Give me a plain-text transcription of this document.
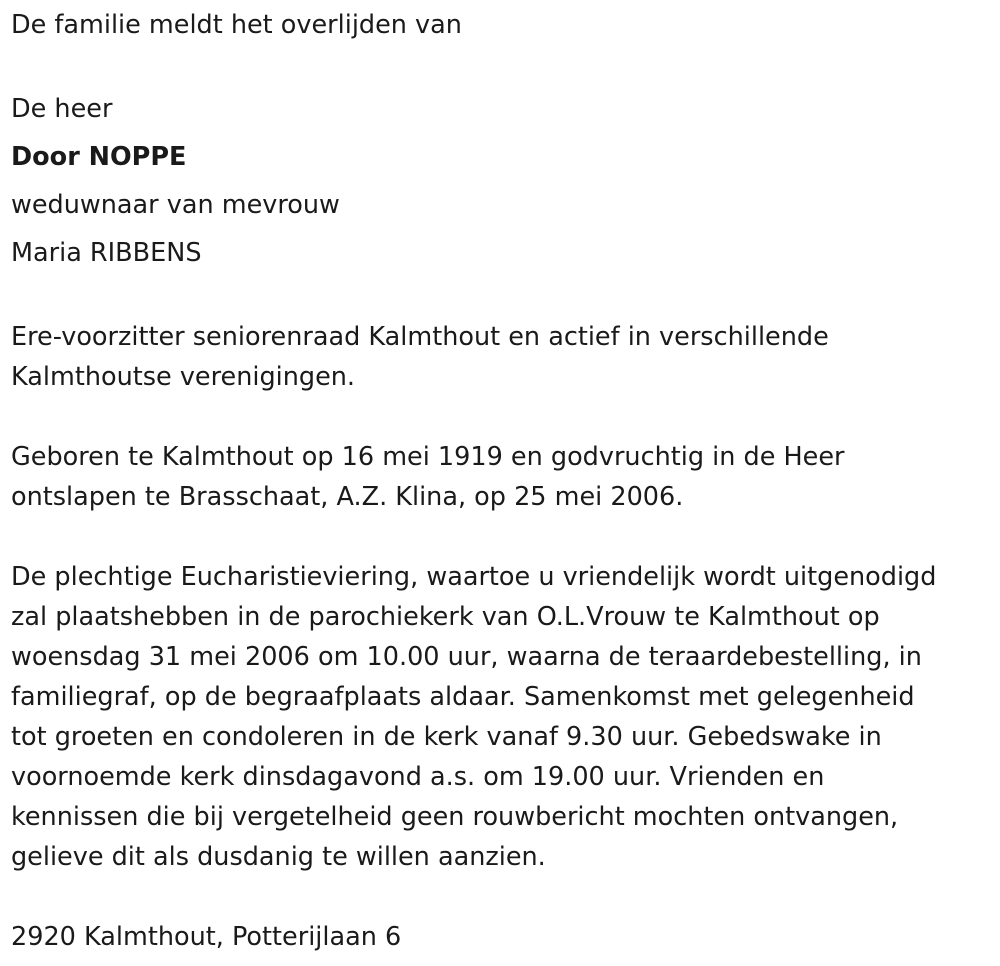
De familie meldt het overlijden van

De heer

Door NOPPE

weduwnaar van mevrouw

Maria RIBBENS

Ere-voorzitter seniorenraad Kalmthout en actief in verschillende

Kalmthoutse verenigingen.

Geboren te Kalmthout op 16 mei 1919 en godvruchtig in de Heer

ontslapen te Brasschaat, A.Z. Klina, op 25 mei 2006.

De plechtige Eucharistieviering, waartoe u vriendelijk wordt uitgenodigd

zal plaatshebben in de parochiekerk van O.L.Vrouw te Kalmthout op

woensdag 31 mei 2006 om 10.00 uur, waarna de teraardebestelling, in

familiegraf, op de begraafplaats aldaar. Samenkomst met gelegenheid

tot groeten en condoleren in de kerk vanaf 9.30 uur. Gebedswake in

voornoemde kerk dinsdagavond a.s. om 19.00 uur. Vrienden en

kennissen die bij vergetelheid geen rouwbericht mochten ontvangen,

gelieve dit als dusdanig te willen aanzien.

2920 Kalmthout, Potterijlaan 6
